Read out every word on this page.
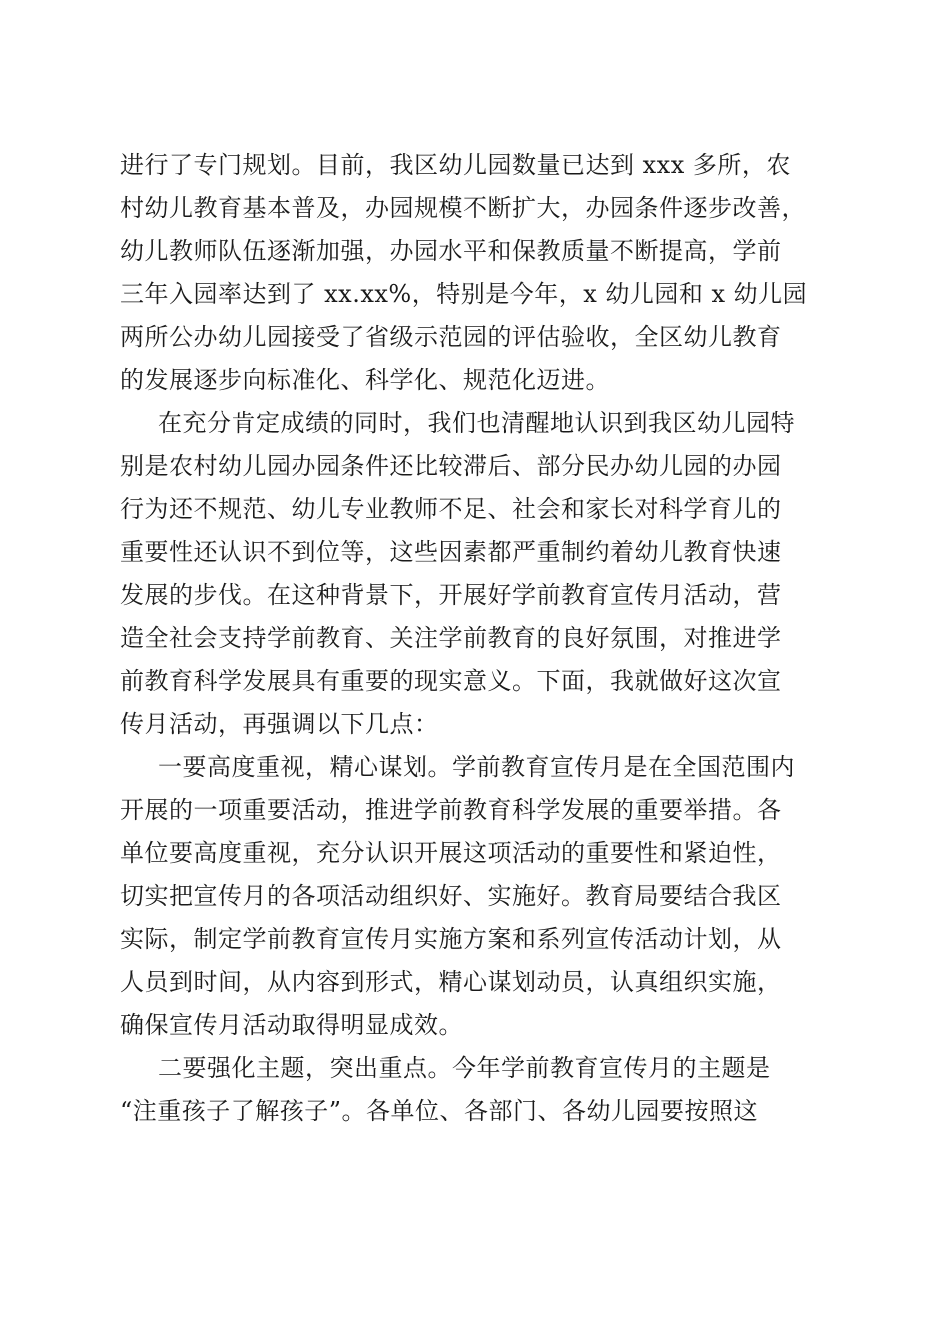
进行了专门规划。目前，我区幼儿园数量已达到 xxx 多所，农
村幼儿教育基本普及，办园规模不断扩大，办园条件逐步改善，
幼儿教师队伍逐渐加强，办园水平和保教质量不断提高，学前
三年入园率达到了 xx.xx%，特别是今年，x 幼儿园和 x 幼儿园
两所公办幼儿园接受了省级示范园的评估验收，全区幼儿教育
的发展逐步向标准化、科学化、规范化迈进。
在充分肯定成绩的同时，我们也清醒地认识到我区幼儿园特
别是农村幼儿园办园条件还比较滞后、部分民办幼儿园的办园
行为还不规范、幼儿专业教师不足、社会和家长对科学育儿的
重要性还认识不到位等，这些因素都严重制约着幼儿教育快速
发展的步伐。在这种背景下，开展好学前教育宣传月活动，营
造全社会支持学前教育、关注学前教育的良好氛围，对推进学
前教育科学发展具有重要的现实意义。下面，我就做好这次宣
传月活动，再强调以下几点：
一要高度重视，精心谋划。学前教育宣传月是在全国范围内
开展的一项重要活动，推进学前教育科学发展的重要举措。各
单位要高度重视，充分认识开展这项活动的重要性和紧迫性，
切实把宣传月的各项活动组织好、实施好。教育局要结合我区
实际，制定学前教育宣传月实施方案和系列宣传活动计划，从
人员到时间，从内容到形式，精心谋划动员，认真组织实施，
确保宣传月活动取得明显成效。
二要强化主题，突出重点。今年学前教育宣传月的主题是
“注重孩子了解孩子”。各单位、各部门、各幼儿园要按照这
